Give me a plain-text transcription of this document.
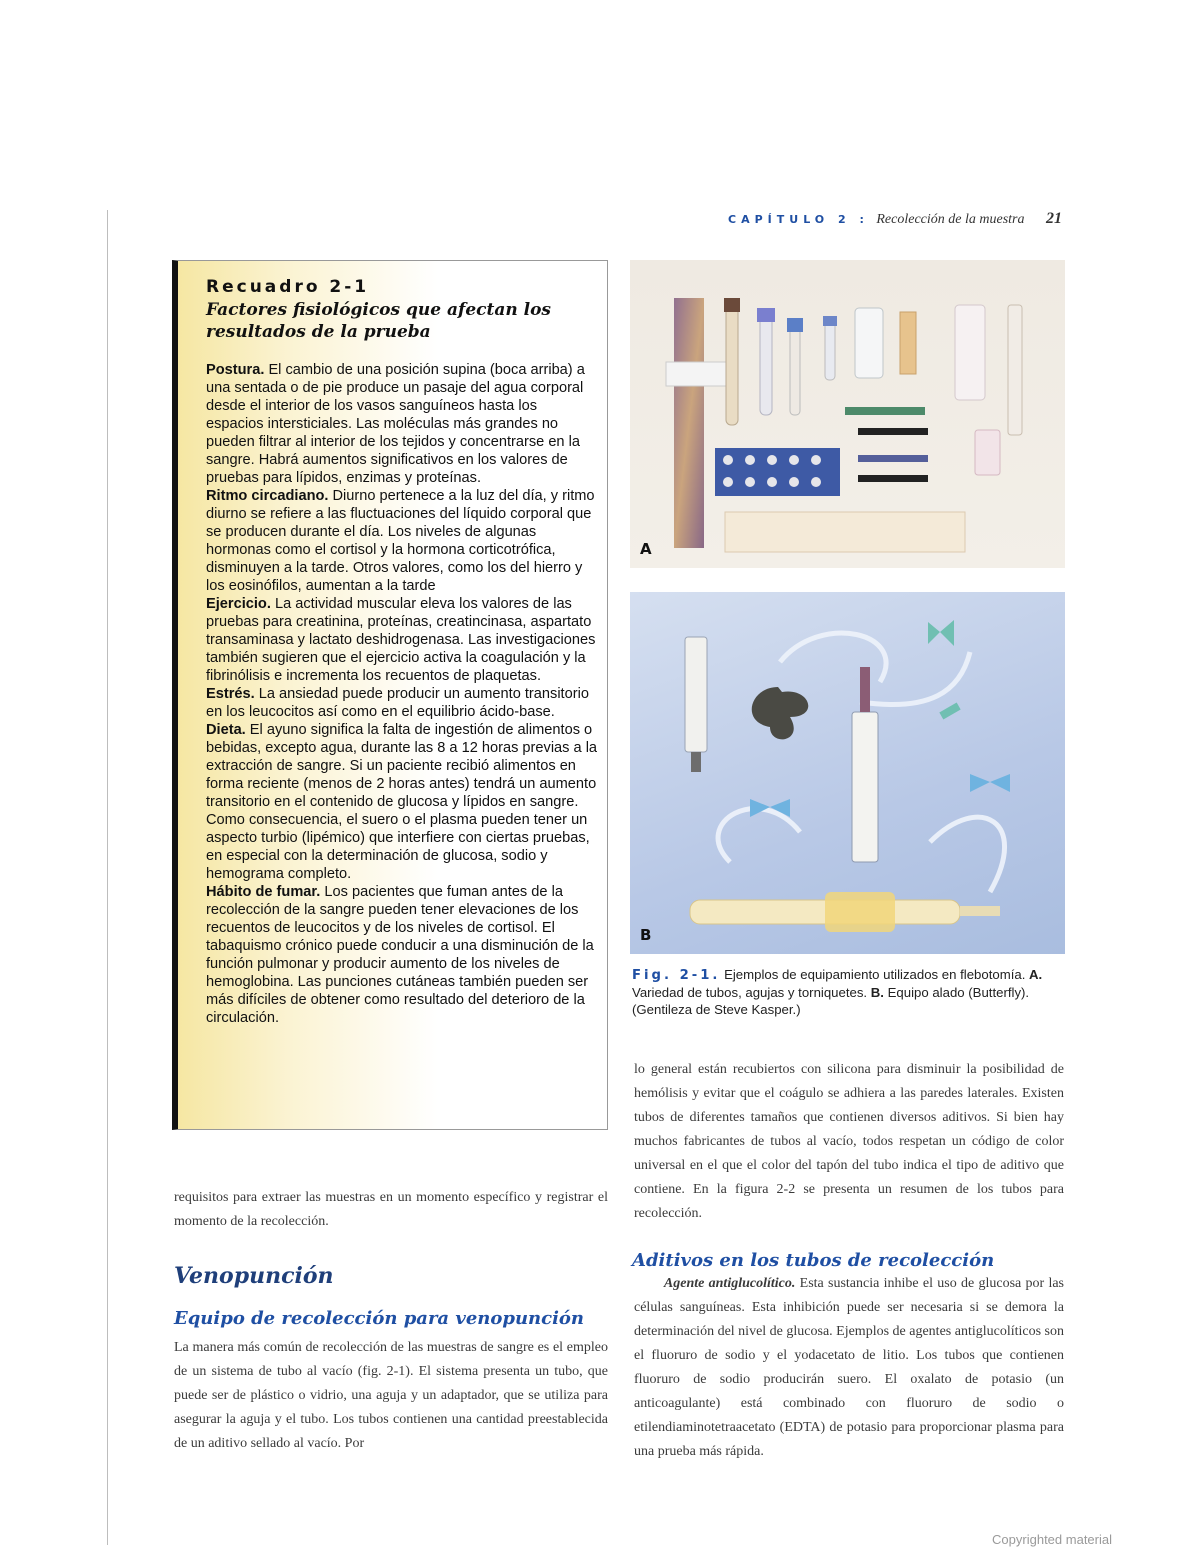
CAPÍTULO 2 : Recolección de la muestra 21
Recuadro 2-1
Factores fisiológicos que afectan los resultados de la prueba

Postura. El cambio de una posición supina (boca arriba) a una sentada o de pie produce un pasaje del agua corporal desde el interior de los vasos sanguíneos hasta los espacios intersticiales. Las moléculas más grandes no pueden filtrar al interior de los tejidos y concentrarse en la sangre. Habrá aumentos significativos en los valores de pruebas para lípidos, enzimas y proteínas.

Ritmo circadiano. Diurno pertenece a la luz del día, y ritmo diurno se refiere a las fluctuaciones del líquido corporal que se producen durante el día. Los niveles de algunas hormonas como el cortisol y la hormona corticotrófica, disminuyen a la tarde. Otros valores, como los del hierro y los eosinófilos, aumentan a la tarde

Ejercicio. La actividad muscular eleva los valores de las pruebas para creatinina, proteínas, creatincinasa, aspartato transaminasa y lactato deshidrogenasa. Las investigaciones también sugieren que el ejercicio activa la coagulación y la fibrinólisis e incrementa los recuentos de plaquetas.

Estrés. La ansiedad puede producir un aumento transitorio en los leucocitos así como en el equilibrio ácido-base.

Dieta. El ayuno significa la falta de ingestión de alimentos o bebidas, excepto agua, durante las 8 a 12 horas previas a la extracción de sangre. Si un paciente recibió alimentos en forma reciente (menos de 2 horas antes) tendrá un aumento transitorio en el contenido de glucosa y lípidos en sangre. Como consecuencia, el suero o el plasma pueden tener un aspecto turbio (lipémico) que interfiere con ciertas pruebas, en especial con la determinación de glucosa, sodio y hemograma completo.

Hábito de fumar. Los pacientes que fuman antes de la recolección de la sangre pueden tener elevaciones de los recuentos de leucocitos y de los niveles de cortisol. El tabaquismo crónico puede conducir a una disminución de la función pulmonar y producir aumento de los niveles de hemoglobina. Las punciones cutáneas también pueden ser más difíciles de obtener como resultado del deterioro de la circulación.

A
B
Fig. 2-1. Ejemplos de equipamiento utilizados en flebotomía. A. Variedad de tubos, agujas y torniquetes. B. Equipo alado (Butterfly). (Gentileza de Steve Kasper.)
requisitos para extraer las muestras en un momento específico y registrar el momento de la recolección.
Venopunción
Equipo de recolección para venopunción
La manera más común de recolección de las muestras de sangre es el empleo de un sistema de tubo al vacío (fig. 2-1). El sistema presenta un tubo, que puede ser de plástico o vidrio, una aguja y un adaptador, que se utiliza para asegurar la aguja y el tubo. Los tubos contienen una cantidad preestablecida de un aditivo sellado al vacío. Por
lo general están recubiertos con silicona para disminuir la posibilidad de hemólisis y evitar que el coágulo se adhiera a las paredes laterales. Existen tubos de diferentes tamaños que contienen diversos aditivos. Si bien hay muchos fabricantes de tubos al vacío, todos respetan un código de color universal en el que el color del tapón del tubo indica el tipo de aditivo que contiene. En la figura 2-2 se presenta un resumen de los tubos para recolección.
Aditivos en los tubos de recolección
Agente antiglucolítico. Esta sustancia inhibe el uso de glucosa por las células sanguíneas. Esta inhibición puede ser necesaria si se demora la determinación del nivel de glucosa. Ejemplos de agentes antiglucolíticos son el fluoruro de sodio y el yodacetato de litio. Los tubos que contienen fluoruro de sodio producirán suero. El oxalato de potasio (un anticoagulante) está combinado con fluoruro de sodio o etilendiaminotetraacetato (EDTA) de potasio para proporcionar plasma para una prueba más rápida.
Copyrighted material
